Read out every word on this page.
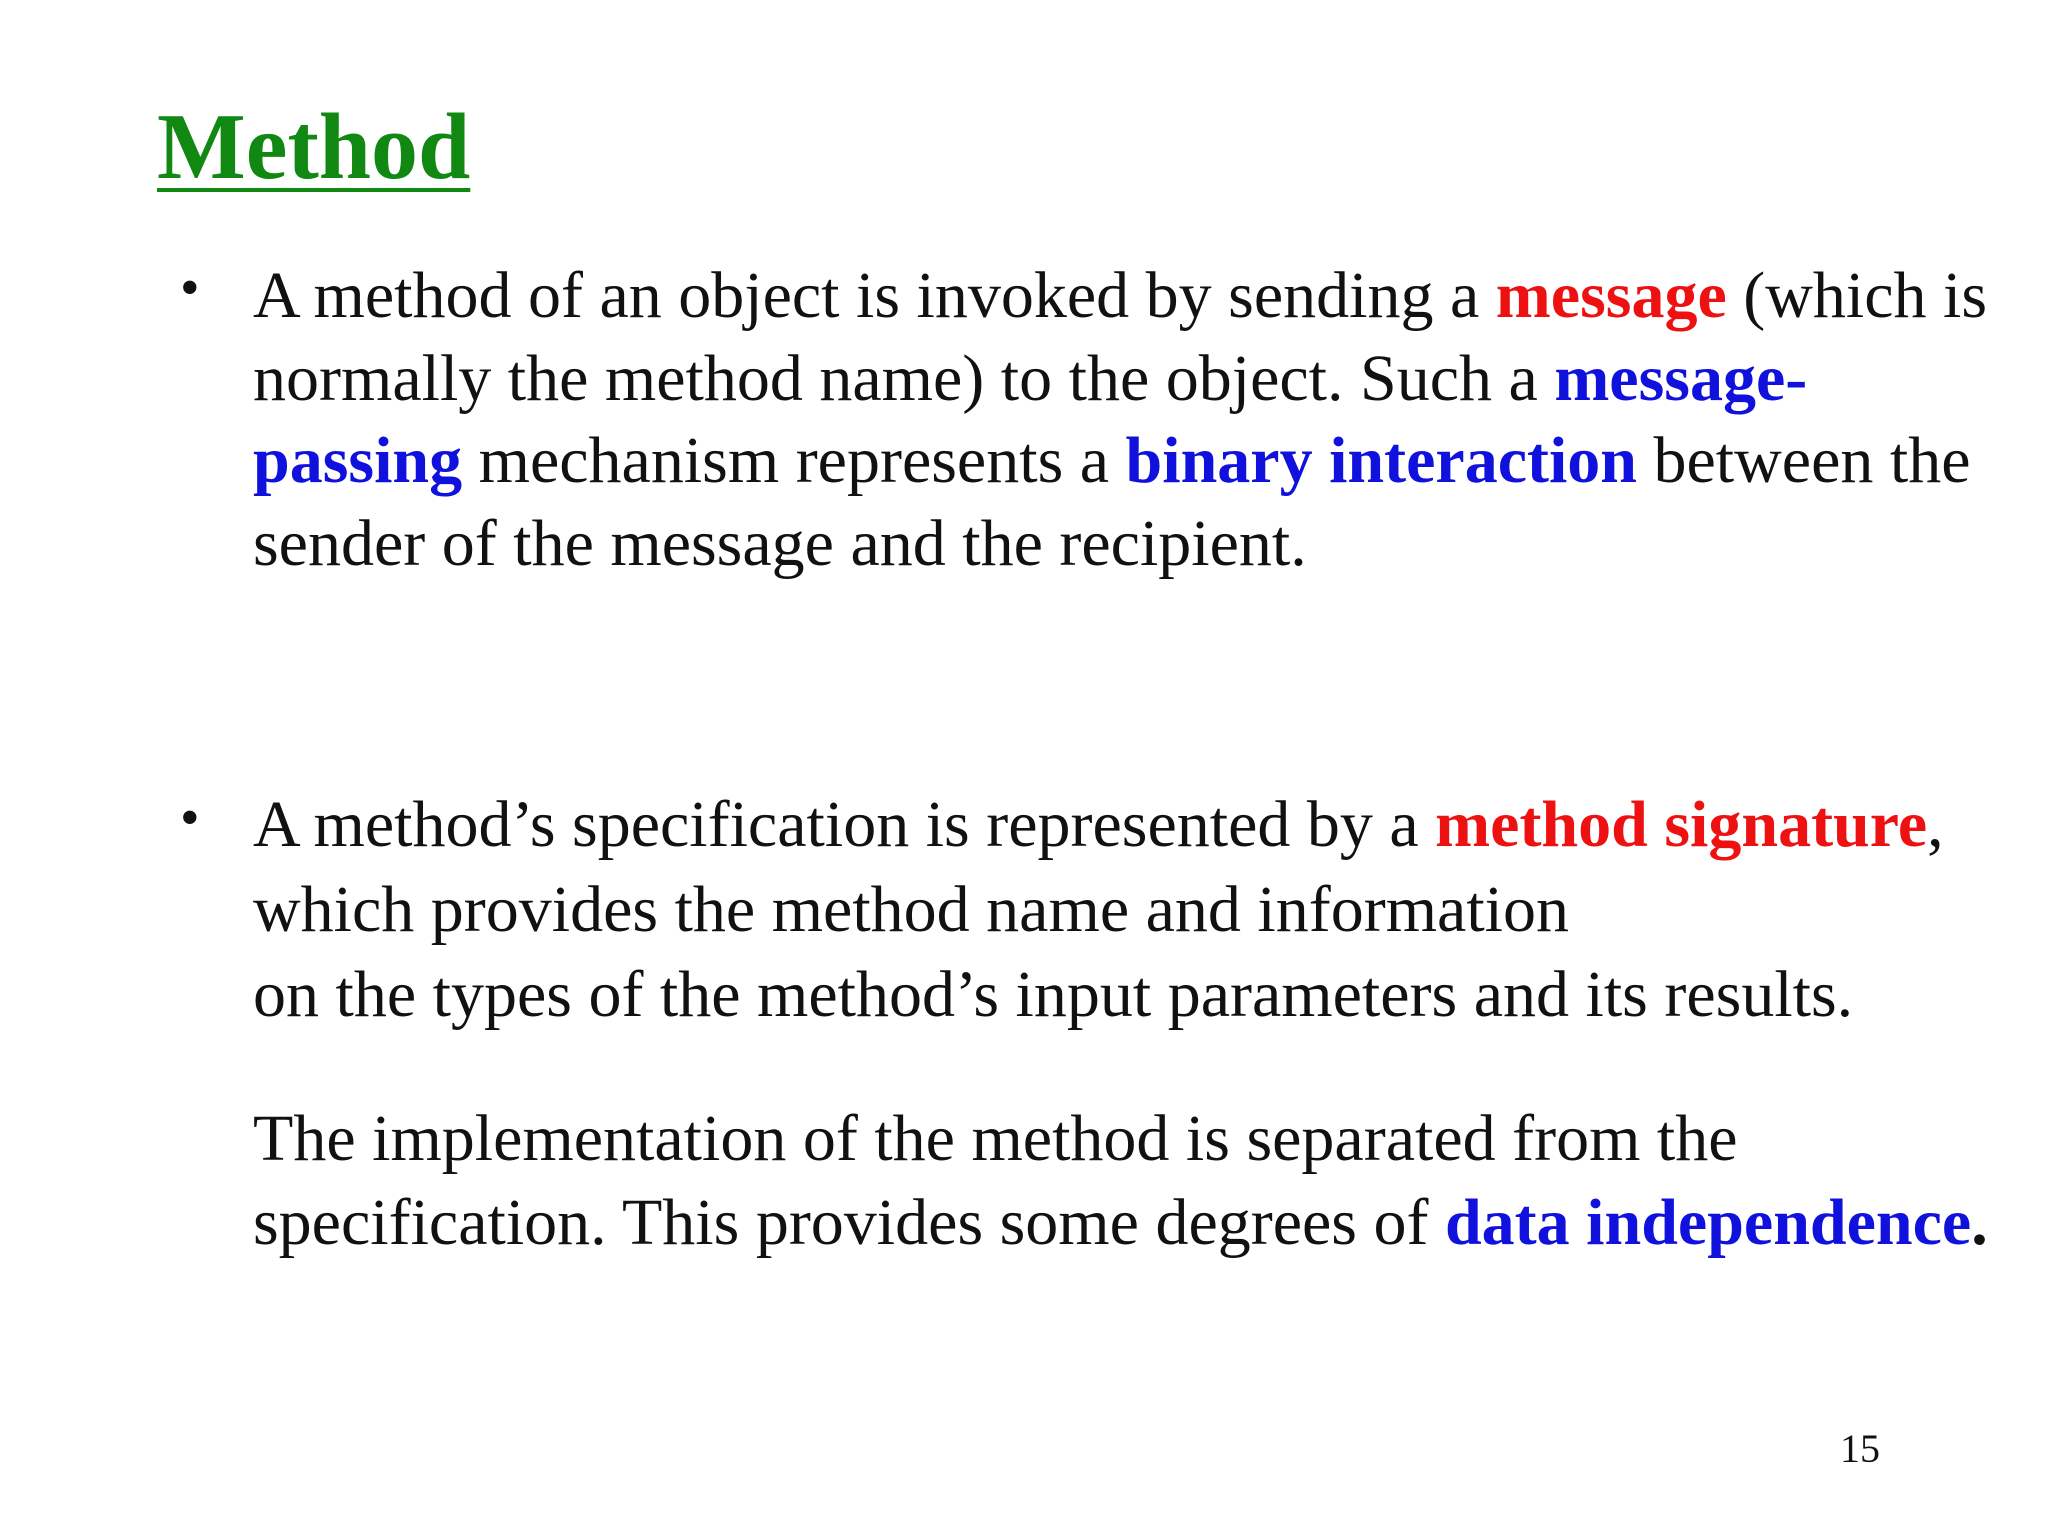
Method
• A method of an object is invoked by sending a message (which is normally the method name) to the object. Such a message-passing mechanism represents a binary interaction between the sender of the message and the recipient.

• A method’s specification is represented by a method signature, which provides the method name and information
on the types of the method’s input parameters and its results.

The implementation of the method is separated from the specification. This provides some degrees of data independence.

15
